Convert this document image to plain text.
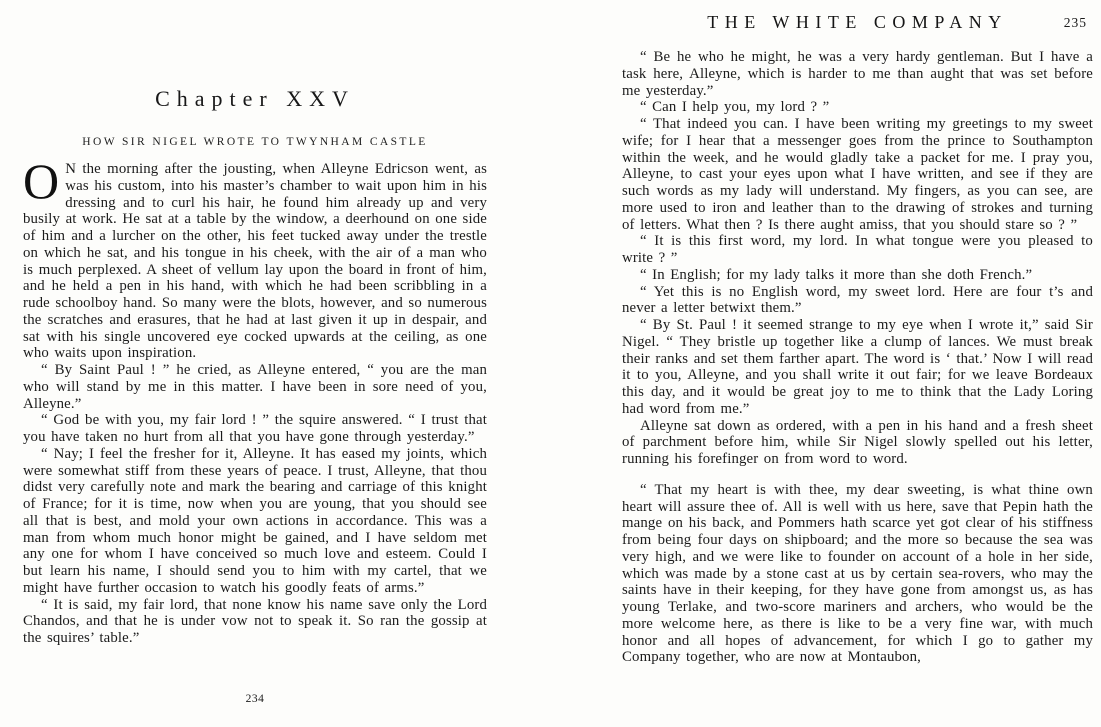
Chapter XXV
HOW SIR NIGEL WROTE TO TWYNHAM CASTLE

O N the morning after the jousting, when Alleyne Edricson went, as was his custom, into his master’s chamber to wait upon him in his dressing and to curl his hair, he found him already up and very busily at work. He sat at a table by the window, a deerhound on one side of him and a lurcher on the other, his feet tucked away under the trestle on which he sat, and his tongue in his cheek, with the air of a man who is much perplexed. A sheet of vellum lay upon the board in front of him, and he held a pen in his hand, with which he had been scribbling in a rude schoolboy hand. So many were the blots, however, and so numerous the scratches and erasures, that he had at last given it up in despair, and sat with his single uncovered eye cocked upwards at the ceiling, as one who waits upon inspiration.

“ By Saint Paul ! ” he cried, as Alleyne entered, “ you are the man who will stand by me in this matter. I have been in sore need of you, Alleyne.”

“ God be with you, my fair lord ! ” the squire answered. “ I trust that you have taken no hurt from all that you have gone through yesterday.”

“ Nay; I feel the fresher for it, Alleyne. It has eased my joints, which were somewhat stiff from these years of peace. I trust, Alleyne, that thou didst very carefully note and mark the bearing and carriage of this knight of France; for it is time, now when you are young, that you should see all that is best, and mold your own actions in accordance. This was a man from whom much honor might be gained, and I have seldom met any one for whom I have conceived so much love and esteem. Could I but learn his name, I should send you to him with my cartel, that we might have further occasion to watch his goodly feats of arms.”

“ It is said, my fair lord, that none know his name save only the Lord Chandos, and that he is under vow not to speak it. So ran the gossip at the squires’ table.”

234
THE WHITE COMPANY	235

“ Be he who he might, he was a very hardy gentleman. But I have a task here, Alleyne, which is harder to me than aught that was set before me yesterday.”

“ Can I help you, my lord ? ”

“ That indeed you can. I have been writing my greetings to my sweet wife; for I hear that a messenger goes from the prince to Southampton within the week, and he would gladly take a packet for me. I pray you, Alleyne, to cast your eyes upon what I have written, and see if they are such words as my lady will understand. My fingers, as you can see, are more used to iron and leather than to the drawing of strokes and turning of letters. What then ? Is there aught amiss, that you should stare so ? ”

“ It is this first word, my lord. In what tongue were you pleased to write ? ”

“ In English; for my lady talks it more than she doth French.”

“ Yet this is no English word, my sweet lord. Here are four t’s and never a letter betwixt them.”

“ By St. Paul ! it seemed strange to my eye when I wrote it,” said Sir Nigel. “ They bristle up together like a clump of lances. We must break their ranks and set them farther apart. The word is ‘ that.’ Now I will read it to you, Alleyne, and you shall write it out fair; for we leave Bordeaux this day, and it would be great joy to me to think that the Lady Loring had word from me.”

Alleyne sat down as ordered, with a pen in his hand and a fresh sheet of parchment before him, while Sir Nigel slowly spelled out his letter, running his forefinger on from word to word.

“ That my heart is with thee, my dear sweeting, is what thine own heart will assure thee of. All is well with us here, save that Pepin hath the mange on his back, and Pommers hath scarce yet got clear of his stiffness from being four days on shipboard; and the more so because the sea was very high, and we were like to founder on account of a hole in her side, which was made by a stone cast at us by certain sea-rovers, who may the saints have in their keeping, for they have gone from amongst us, as has young Terlake, and two-score mariners and archers, who would be the more welcome here, as there is like to be a very fine war, with much honor and all hopes of advancement, for which I go to gather my Company together, who are now at Montaubon,
